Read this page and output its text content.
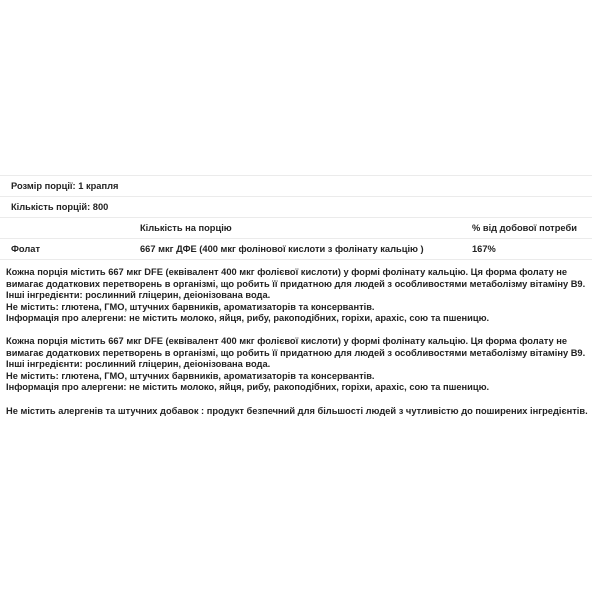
Розмір порції: 1 крапля		
Кількість порцій: 800		
	Кількість на порцію	% від добової потреби
Фолат	667 мкг ДФЕ (400 мкг фолінової кислоти з фолінату кальцію )	167%
Кожна порція містить 667 мкг DFE (еквівалент 400 мкг фолієвої кислоти) у формі фолінату кальцію. Ця форма фолату не
вимагає додаткових перетворень в організмі, що робить її придатною для людей з особливостями метаболізму вітаміну B9.
Інші інгредієнти: рослинний гліцерин, деіонізована вода.
Не містить: глютена, ГМО, штучних барвників, ароматизаторів та консервантів.
Інформація про алергени: не містить молоко, яйця, рибу, ракоподібних, горіхи, арахіс, сою та пшеницю.
Кожна порція містить 667 мкг DFE (еквівалент 400 мкг фолієвої кислоти) у формі фолінату кальцію. Ця форма фолату не
вимагає додаткових перетворень в організмі, що робить її придатною для людей з особливостями метаболізму вітаміну B9.
Інші інгредієнти: рослинний гліцерин, деіонізована вода.
Не містить: глютена, ГМО, штучних барвників, ароматизаторів та консервантів.
Інформація про алергени: не містить молоко, яйця, рибу, ракоподібних, горіхи, арахіс, сою та пшеницю.
Не містить алергенів та штучних добавок : продукт безпечний для більшості людей з чутливістю до поширених інгредієнтів.
